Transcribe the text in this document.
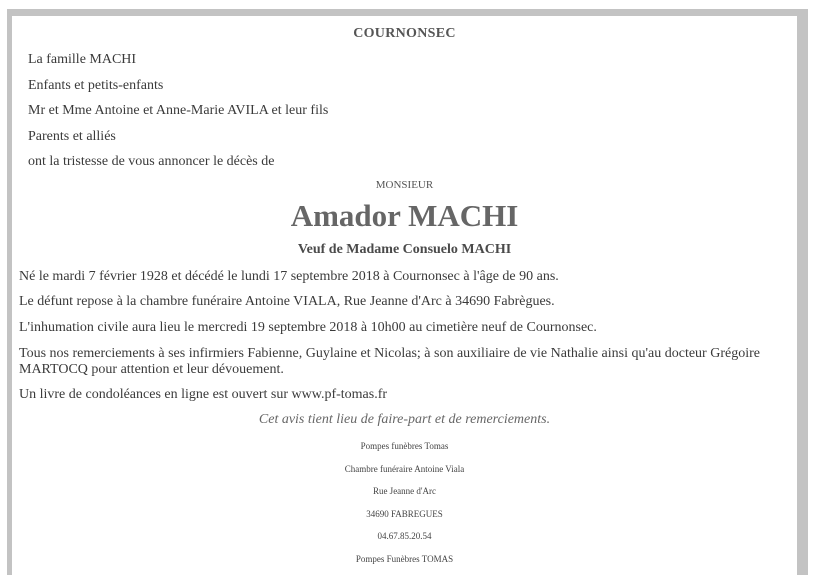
COURNONSEC
La famille MACHI
Enfants et petits-enfants
Mr et Mme Antoine et Anne-Marie AVILA et leur fils
Parents et alliés
ont la tristesse de vous annoncer le décès de
MONSIEUR
Amador MACHI
Veuf de Madame Consuelo MACHI
Né le mardi 7 février 1928 et décédé le lundi 17 septembre 2018 à Cournonsec à l'âge de 90 ans.
Le défunt repose à la chambre funéraire Antoine VIALA, Rue Jeanne d'Arc à 34690 Fabrègues.
L'inhumation civile aura lieu le mercredi 19 septembre 2018 à 10h00 au cimetière neuf de Cournonsec.
Tous nos remerciements à ses infirmiers Fabienne, Guylaine et Nicolas; à son auxiliaire de vie Nathalie ainsi qu'au docteur Grégoire MARTOCQ pour attention et leur dévouement.
Un livre de condoléances en ligne est ouvert sur www.pf-tomas.fr
Cet avis tient lieu de faire-part et de remerciements.
Pompes funèbres Tomas
Chambre funéraire Antoine Viala
Rue Jeanne d'Arc
34690 FABREGUES
04.67.85.20.54
Pompes Funèbres TOMAS
